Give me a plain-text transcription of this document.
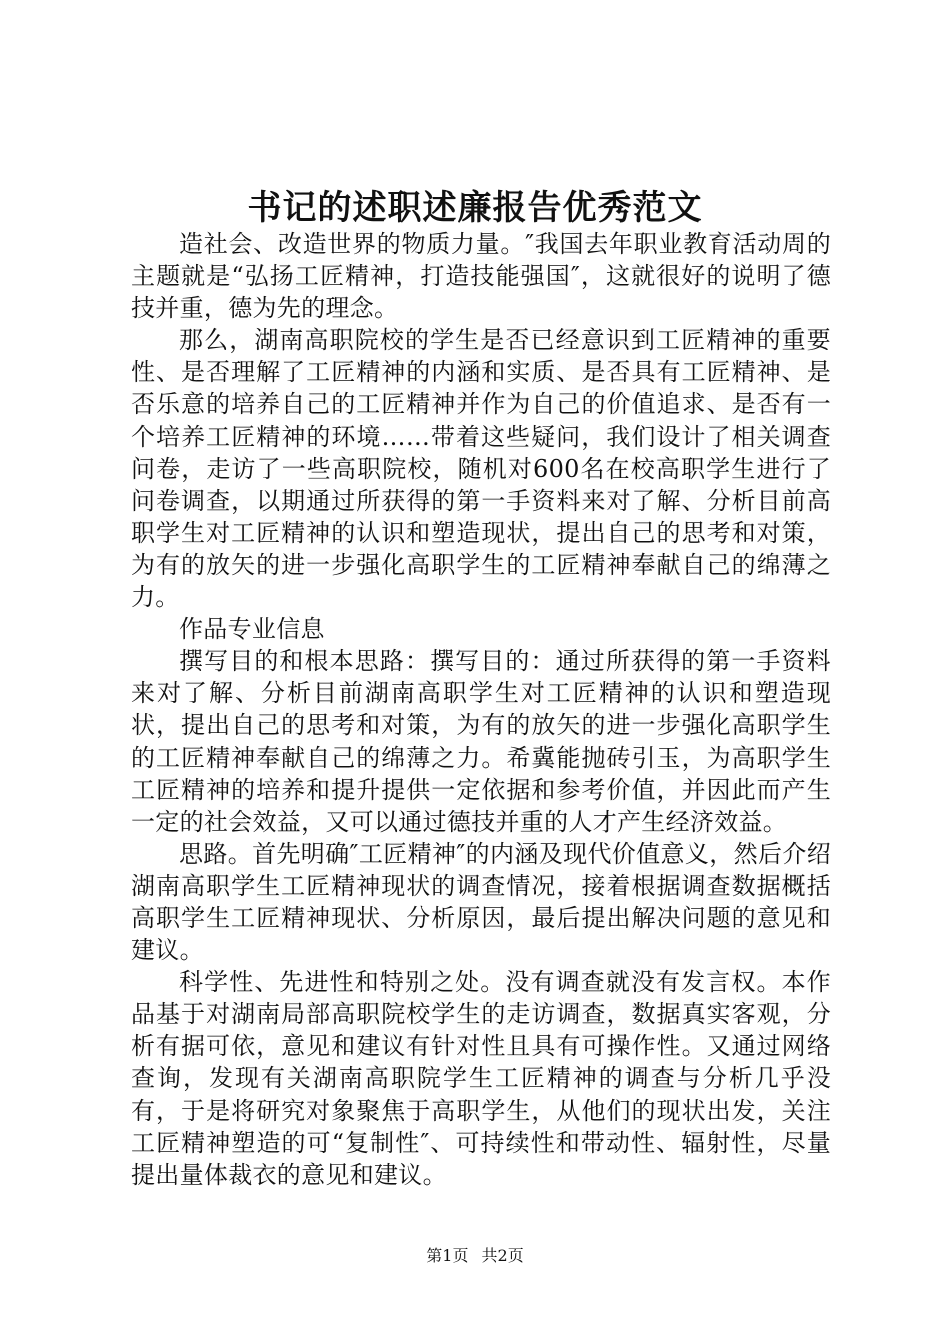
书记的述职述廉报告优秀范文

造社会、改造世界的物质力量。″我国去年职业教育活动周的主题就是“弘扬工匠精神，打造技能强国″，这就很好的说明了德技并重，德为先的理念。

那么，湖南高职院校的学生是否已经意识到工匠精神的重要性、是否理解了工匠精神的内涵和实质、是否具有工匠精神、是否乐意的培养自己的工匠精神并作为自己的价值追求、是否有一个培养工匠精神的环境……带着这些疑问，我们设计了相关调查问卷，走访了一些高职院校，随机对600名在校高职学生进行了问卷调查，以期通过所获得的第一手资料来对了解、分析目前高职学生对工匠精神的认识和塑造现状，提出自己的思考和对策，为有的放矢的进一步强化高职学生的工匠精神奉献自己的绵薄之力。

作品专业信息

撰写目的和根本思路：撰写目的：通过所获得的第一手资料来对了解、分析目前湖南高职学生对工匠精神的认识和塑造现状，提出自己的思考和对策，为有的放矢的进一步强化高职学生的工匠精神奉献自己的绵薄之力。希冀能抛砖引玉，为高职学生工匠精神的培养和提升提供一定依据和参考价值，并因此而产生一定的社会效益，又可以通过德技并重的人才产生经济效益。

思路。首先明确″工匠精神″的内涵及现代价值意义，然后介绍湖南高职学生工匠精神现状的调查情况，接着根据调查数据概括高职学生工匠精神现状、分析原因，最后提出解决问题的意见和建议。

科学性、先进性和特别之处。没有调查就没有发言权。本作品基于对湖南局部高职院校学生的走访调查，数据真实客观，分析有据可依，意见和建议有针对性且具有可操作性。又通过网络查询，发现有关湖南高职院学生工匠精神的调查与分析几乎没有，于是将研究对象聚焦于高职学生，从他们的现状出发，关注工匠精神塑造的可“复制性″、可持续性和带动性、辐射性，尽量提出量体裁衣的意见和建议。

第1页 共2页
